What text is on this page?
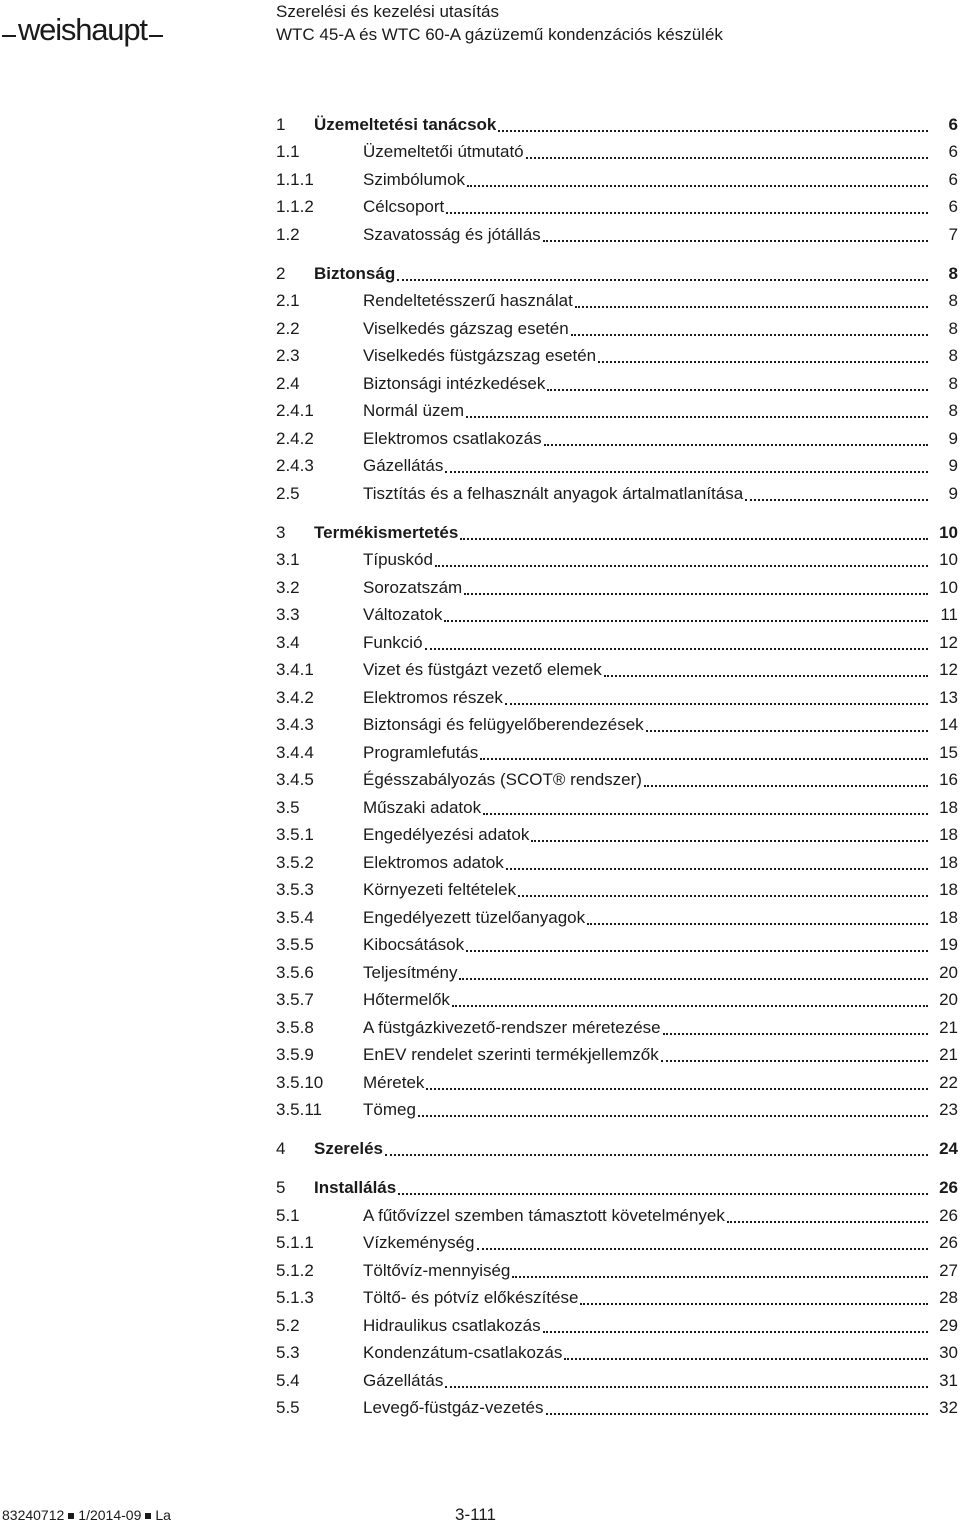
weishaupt
Szerelési és kezelési utasítás
WTC 45-A és WTC 60-A gázüzemű kondenzációs készülék
1	Üzemeltetési tanácsok	6
1.1	Üzemeltetői útmutató	6
1.1.1	Szimbólumok	6
1.1.2	Célcsoport	6
1.2	Szavatosság és jótállás	7
2	Biztonság	8
2.1	Rendeltetésszerű használat	8
2.2	Viselkedés gázszag esetén	8
2.3	Viselkedés füstgázszag esetén	8
2.4	Biztonsági intézkedések	8
2.4.1	Normál üzem	8
2.4.2	Elektromos csatlakozás	9
2.4.3	Gázellátás	9
2.5	Tisztítás és a felhasznált anyagok ártalmatlanítása	9
3	Termékismertetés	10
3.1	Típuskód	10
3.2	Sorozatszám	10
3.3	Változatok	11
3.4	Funkció	12
3.4.1	Vizet és füstgázt vezető elemek	12
3.4.2	Elektromos részek	13
3.4.3	Biztonsági és felügyelőberendezések	14
3.4.4	Programlefutás	15
3.4.5	Égésszabályozás (SCOT® rendszer)	16
3.5	Műszaki adatok	18
3.5.1	Engedélyezési adatok	18
3.5.2	Elektromos adatok	18
3.5.3	Környezeti feltételek	18
3.5.4	Engedélyezett tüzelőanyagok	18
3.5.5	Kibocsátások	19
3.5.6	Teljesítmény	20
3.5.7	Hőtermelők	20
3.5.8	A füstgázkivezető-rendszer méretezése	21
3.5.9	EnEV rendelet szerinti termékjellemzők	21
3.5.10	Méretek	22
3.5.11	Tömeg	23
4	Szerelés	24
5	Installálás	26
5.1	A fűtővízzel szemben támasztott követelmények	26
5.1.1	Vízkeménység	26
5.1.2	Töltővíz-mennyiség	27
5.1.3	Töltő- és pótvíz előkészítése	28
5.2	Hidraulikus csatlakozás	29
5.3	Kondenzátum-csatlakozás	30
5.4	Gázellátás	31
5.5	Levegő-füstgáz-vezetés	32
83240712 1/2014-09 La	3-111
